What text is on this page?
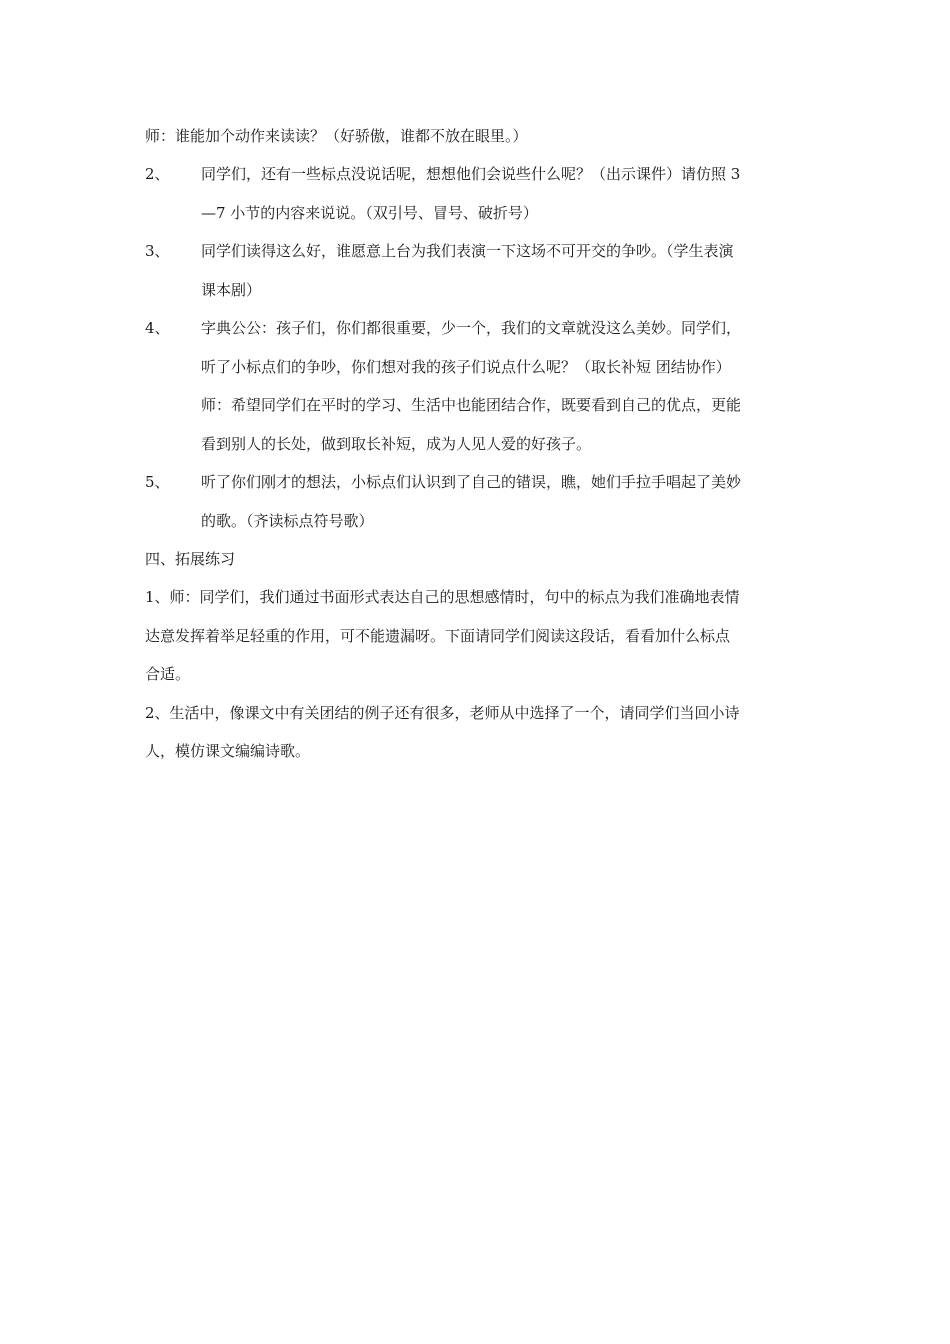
师：谁能加个动作来读读？（好骄傲，谁都不放在眼里。）
2、 同学们，还有一些标点没说话呢，想想他们会说些什么呢？（出示课件）请仿照 3
—7 小节的内容来说说。（双引号、冒号、破折号）
3、 同学们读得这么好，谁愿意上台为我们表演一下这场不可开交的争吵。（学生表演
课本剧）
4、 字典公公：孩子们，你们都很重要，少一个，我们的文章就没这么美妙。同学们，
听了小标点们的争吵，你们想对我的孩子们说点什么呢？（取长补短 团结协作）
师：希望同学们在平时的学习、生活中也能团结合作，既要看到自己的优点，更能
看到别人的长处，做到取长补短，成为人见人爱的好孩子。
5、 听了你们刚才的想法，小标点们认识到了自己的错误，瞧，她们手拉手唱起了美妙
的歌。（齐读标点符号歌）
四、拓展练习
1、师：同学们，我们通过书面形式表达自己的思想感情时，句中的标点为我们准确地表情
达意发挥着举足轻重的作用，可不能遗漏呀。下面请同学们阅读这段话，看看加什么标点
合适。
2、生活中，像课文中有关团结的例子还有很多，老师从中选择了一个，请同学们当回小诗
人，模仿课文编编诗歌。
